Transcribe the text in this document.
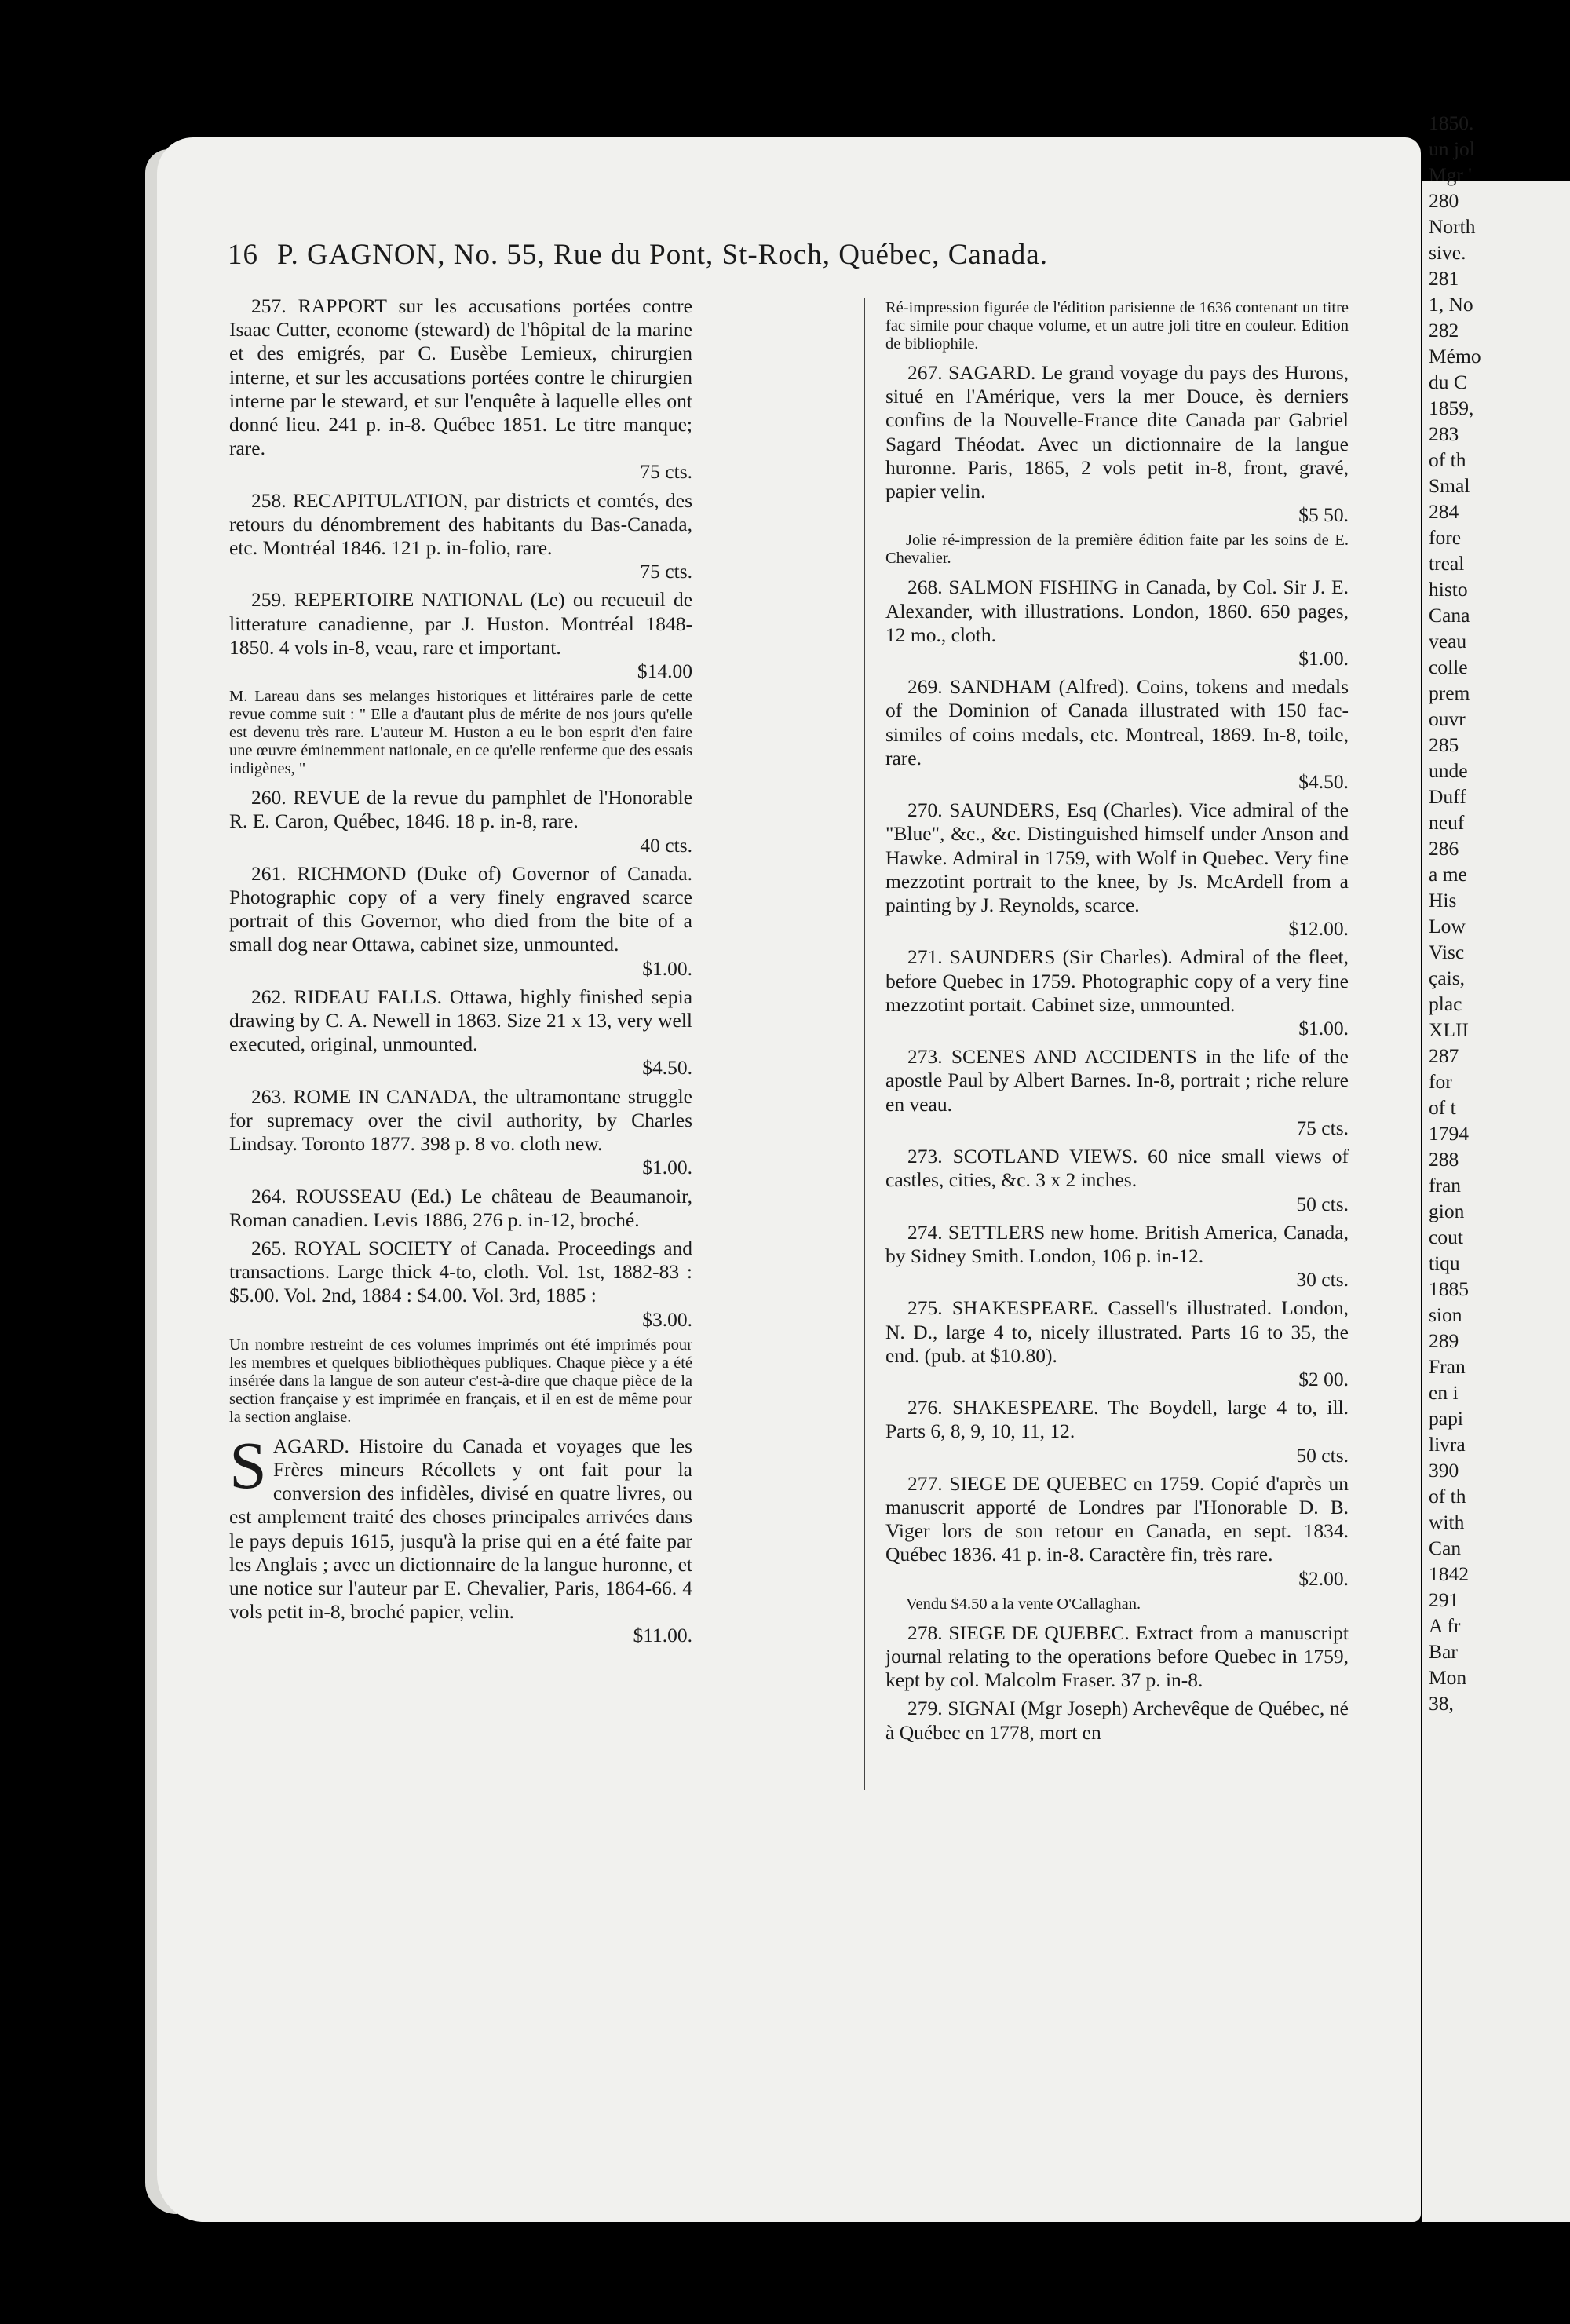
16 P. GAGNON, No. 55, Rue du Pont, St-Roch, Québec, Canada.
257. RAPPORT sur les accusations portées contre Isaac Cutter, econome (steward) de l'hôpital de la marine et des emigrés, par C. Eusèbe Lemieux, chirurgien interne, et sur les accusations portées contre le chirurgien interne par le steward, et sur l'enquête à laquelle elles ont donné lieu. 241 p. in-8. Québec 1851. Le titre manque; rare.
75 cts.
258. RECAPITULATION, par districts et comtés, des retours du dénombrement des habitants du Bas-Canada, etc. Montréal 1846. 121 p. in-folio, rare.
75 cts.
259. REPERTOIRE NATIONAL (Le) ou recueuil de litterature canadienne, par J. Huston. Montréal 1848-1850. 4 vols in-8, veau, rare et important.
$14.00
M. Lareau dans ses melanges historiques et littéraires parle de cette revue comme suit : " Elle a d'autant plus de mérite de nos jours qu'elle est devenu très rare. L'auteur M. Huston a eu le bon esprit d'en faire une œuvre éminemment nationale, en ce qu'elle renferme que des essais indigènes, "
260. REVUE de la revue du pamphlet de l'Honorable R. E. Caron, Québec, 1846. 18 p. in-8, rare.
40 cts.
261. RICHMOND (Duke of) Governor of Canada. Photographic copy of a very finely engraved scarce portrait of this Governor, who died from the bite of a small dog near Ottawa, cabinet size, unmounted.
$1.00.
262. RIDEAU FALLS. Ottawa, highly finished sepia drawing by C. A. Newell in 1863. Size 21 x 13, very well executed, original, unmounted.
$4.50.
263. ROME IN CANADA, the ultramontane struggle for supremacy over the civil authority, by Charles Lindsay. Toronto 1877. 398 p. 8 vo. cloth new.
$1.00.
264. ROUSSEAU (Ed.) Le château de Beaumanoir, Roman canadien. Levis 1886, 276 p. in-12, broché.
265. ROYAL SOCIETY of Canada. Proceedings and transactions. Large thick 4-to, cloth. Vol. 1st, 1882-83 : $5.00. Vol. 2nd, 1884 : $4.00. Vol. 3rd, 1885 :
$3.00.
Un nombre restreint de ces volumes imprimés ont été imprimés pour les membres et quelques bibliothèques publiques. Chaque pièce y a été insérée dans la langue de son auteur c'est-à-dire que chaque pièce de la section française y est imprimée en français, et il en est de même pour la section anglaise.
SAGARD. Histoire du Canada et voyages que les Frères mineurs Récollets y ont fait pour la conversion des infidèles, divisé en quatre livres, ou est amplement traité des choses principales arrivées dans le pays depuis 1615, jusqu'à la prise qui en a été faite par les Anglais ; avec un dictionnaire de la langue huronne, et une notice sur l'auteur par E. Chevalier, Paris, 1864-66. 4 vols petit in-8, broché papier, velin.
$11.00.
Ré-impression figurée de l'édition parisienne de 1636 contenant un titre fac simile pour chaque volume, et un autre joli titre en couleur. Edition de bibliophile.
267. SAGARD. Le grand voyage du pays des Hurons, situé en l'Amérique, vers la mer Douce, ès derniers confins de la Nouvelle-France dite Canada par Gabriel Sagard Théodat. Avec un dictionnaire de la langue huronne. Paris, 1865, 2 vols petit in-8, front, gravé, papier velin.
$5 50.
Jolie ré-impression de la première édition faite par les soins de E. Chevalier.
268. SALMON FISHING in Canada, by Col. Sir J. E. Alexander, with illustrations. London, 1860. 650 pages, 12 mo., cloth.
$1.00.
269. SANDHAM (Alfred). Coins, tokens and medals of the Dominion of Canada illustrated with 150 fac-similes of coins medals, etc. Montreal, 1869. In-8, toile, rare.
$4.50.
270. SAUNDERS, Esq (Charles). Vice admiral of the "Blue", &c., &c. Distinguished himself under Anson and Hawke. Admiral in 1759, with Wolf in Quebec. Very fine mezzotint portrait to the knee, by Js. McArdell from a painting by J. Reynolds, scarce.
$12.00.
271. SAUNDERS (Sir Charles). Admiral of the fleet, before Quebec in 1759. Photographic copy of a very fine mezzotint portait. Cabinet size, unmounted.
$1.00.
273. SCENES AND ACCIDENTS in the life of the apostle Paul by Albert Barnes. In-8, portrait ; riche relure en veau.
75 cts.
273. SCOTLAND VIEWS. 60 nice small views of castles, cities, &c. 3 x 2 inches.
50 cts.
274. SETTLERS new home. British America, Canada, by Sidney Smith. London, 106 p. in-12.
30 cts.
275. SHAKESPEARE. Cassell's illustrated. London, N. D., large 4 to, nicely illustrated. Parts 16 to 35, the end. (pub. at $10.80).
$2 00.
276. SHAKESPEARE. The Boydell, large 4 to, ill. Parts 6, 8, 9, 10, 11, 12.
50 cts.
277. SIEGE DE QUEBEC en 1759. Copié d'après un manuscrit apporté de Londres par l'Honorable D. B. Viger lors de son retour en Canada, en sept. 1834. Québec 1836. 41 p. in-8. Caractère fin, très rare.
$2.00.
Vendu $4.50 a la vente O'Callaghan.
278. SIEGE DE QUEBEC. Extract from a manuscript journal relating to the operations before Quebec in 1759, kept by col. Malcolm Fraser. 37 p. in-8.
279. SIGNAI (Mgr Joseph) Archevêque de Québec, né à Québec en 1778, mort en
1850.
un jol
Mgr '
280
North
sive.
281
1, No
282
Mémo
du C
1859,
283
of th
Smal
284
fore
treal
histo
Cana
veau
colle
prem
ouvr
285
unde
Duff
neuf
286
a me
His
Low
Visc
çais,
plac
XLII
287
for
of t
1794
288
fran
gion
cout
tiqu
1885
sion
289
Fran
en i
papi
livra
390
of th
with
Can
1842
291
A fr
Bar
Mon
38,
